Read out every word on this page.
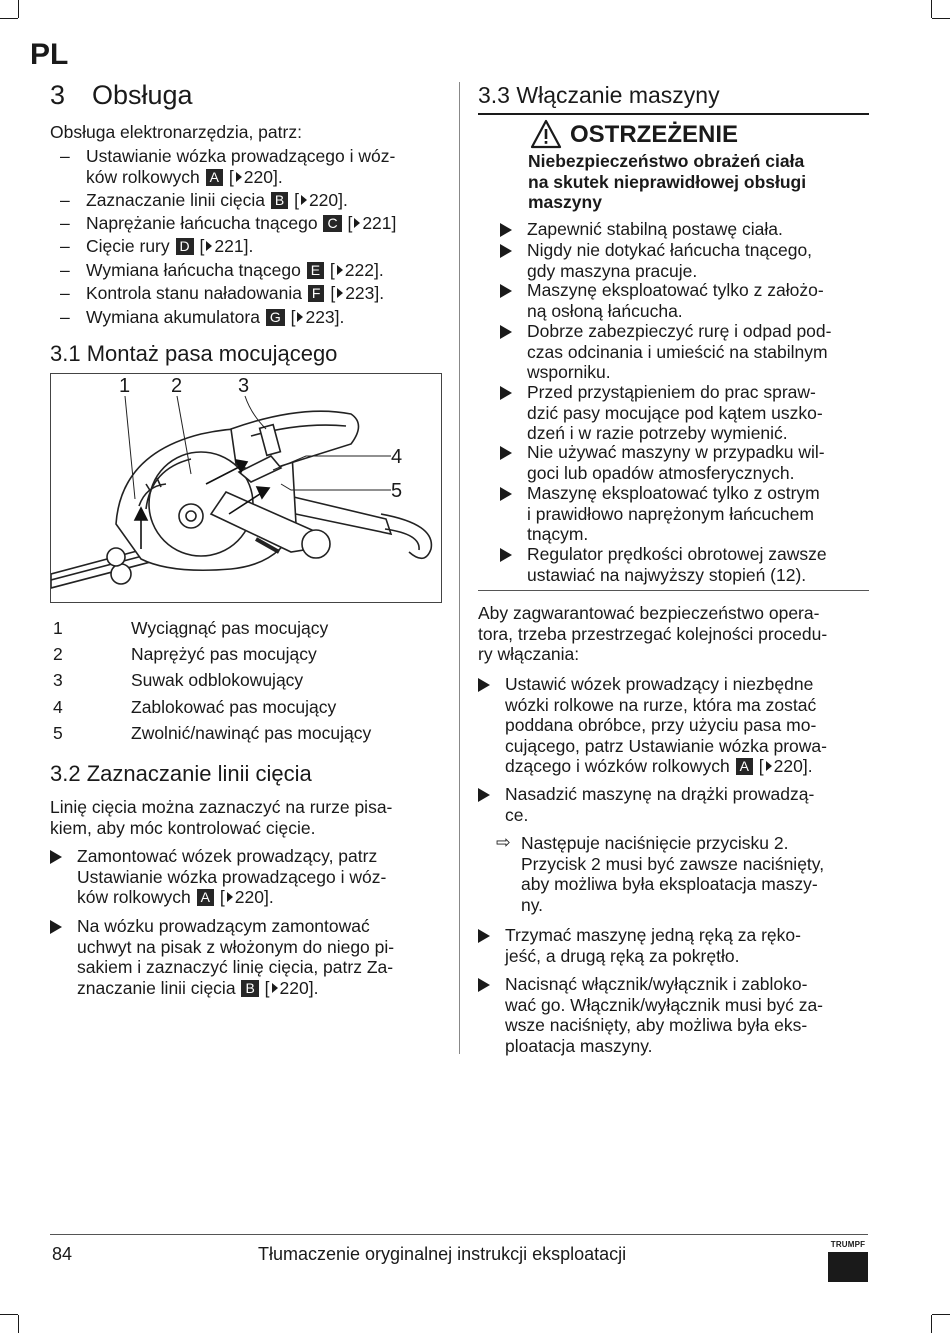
PL
3 Obsługa
Obsługa elektronarzędzia, patrz:
– Ustawianie wózka prowadzącego i wóz-
ków rolkowych A [ 220].
– Zaznaczanie linii cięcia B [ 220].
– Naprężanie łańcucha tnącego C [ 221]
– Cięcie rury D [ 221].
– Wymiana łańcucha tnącego E [ 222].
– Kontrola stanu naładowania F [ 223].
– Wymiana akumulatora G [ 223].
3.1 Montaż pasa mocującego
1 2	3
4
5
1	Wyciągnąć pas mocujący
2	Naprężyć pas mocujący
3	Suwak odblokowujący
4	Zablokować pas mocujący
5	Zwolnić/nawinąć pas mocujący
3.2 Zaznaczanie linii cięcia
Linię cięcia można zaznaczyć na rurze pisa-
kiem, aby móc kontrolować cięcie.
Zamontować wózek prowadzący, patrz
Ustawianie wózka prowadzącego i wóz-
ków rolkowych A [ 220].
Na wózku prowadzącym zamontować
uchwyt na pisak z włożonym do niego pi-
sakiem i zaznaczyć linię cięcia, patrz Za-
znaczanie linii cięcia B [ 220].
3.3 Włączanie maszyny
OSTRZEŻENIE
Niebezpieczeństwo obrażeń ciała
na skutek nieprawidłowej obsługi
maszyny
Zapewnić stabilną postawę ciała.
Nigdy nie dotykać łańcucha tnącego,
gdy maszyna pracuje.
Maszynę eksploatować tylko z założo-
ną osłoną łańcucha.
Dobrze zabezpieczyć rurę i odpad pod-
czas odcinania i umieścić na stabilnym
wsporniku.
Przed przystąpieniem do prac spraw-
dzić pasy mocujące pod kątem uszko-
dzeń i w razie potrzeby wymienić.
Nie używać maszyny w przypadku wil-
goci lub opadów atmosferycznych.
Maszynę eksploatować tylko z ostrym
i prawidłowo naprężonym łańcuchem
tnącym.
Regulator prędkości obrotowej zawsze
ustawiać na najwyższy stopień (12).
Aby zagwarantować bezpieczeństwo opera-
tora, trzeba przestrzegać kolejności procedu-
ry włączania:
Ustawić wózek prowadzący i niezbędne
wózki rolkowe na rurze, która ma zostać
poddana obróbce, przy użyciu pasa mo-
cującego, patrz Ustawianie wózka prowa-
dzącego i wózków rolkowych A [ 220].
Nasadzić maszynę na drążki prowadzą-
ce.
⇨ Następuje naciśnięcie przycisku 2.
Przycisk 2 musi być zawsze naciśnięty,
aby możliwa była eksploatacja maszy-
ny.
Trzymać maszynę jedną ręką za ręko-
jeść, a drugą ręką za pokrętło.
Nacisnąć włącznik/wyłącznik i zabloko-
wać go. Włącznik/wyłącznik musi być za-
wsze naciśnięty, aby możliwa była eks-
ploatacja maszyny.
84	Tłumaczenie oryginalnej instrukcji eksploatacji	TRUMPF
